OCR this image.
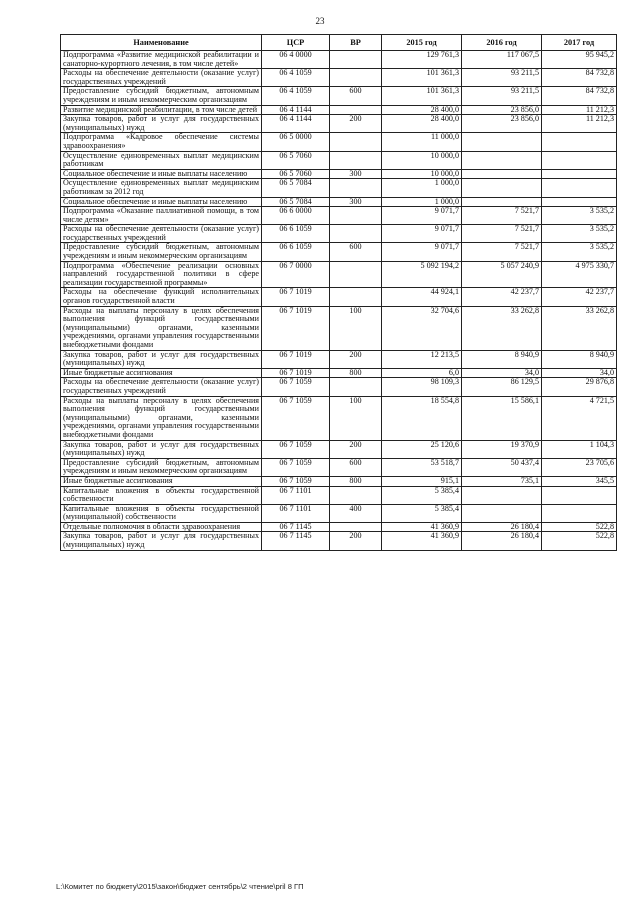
23
Наименование	ЦСР	ВР	2015 год	2016 год	2017 год
Подпрограмма «Развитие медицинской реабилитации и санаторно-курортного лечения, в том числе детей»	06 4 0000		129 761,3	117 067,5	95 945,2
Расходы на обеспечение деятельности (оказание услуг) государственных учреждений	06 4 1059		101 361,3	93 211,5	84 732,8
Предоставление субсидий бюджетным, автономным учреждениям и иным некоммерческим организациям	06 4 1059	600	101 361,3	93 211,5	84 732,8
Развитие медицинской реабилитации, в том числе детей	06 4 1144		28 400,0	23 856,0	11 212,3
Закупка товаров, работ и услуг для государственных (муниципальных) нужд	06 4 1144	200	28 400,0	23 856,0	11 212,3
Подпрограмма «Кадровое обеспечение системы здравоохранения»	06 5 0000		11 000,0		
Осуществление единовременных выплат медицинским работникам	06 5 7060		10 000,0		
Социальное обеспечение и иные выплаты населению	06 5 7060	300	10 000,0		
Осуществление единовременных выплат медицинским работникам за 2012 год	06 5 7084		1 000,0		
Социальное обеспечение и иные выплаты населению	06 5 7084	300	1 000,0		
Подпрограмма «Оказание паллиативной помощи, в том числе детям»	06 6 0000		9 071,7	7 521,7	3 535,2
Расходы на обеспечение деятельности (оказание услуг) государственных учреждений	06 6 1059		9 071,7	7 521,7	3 535,2
Предоставление субсидий бюджетным, автономным учреждениям и иным некоммерческим организациям	06 6 1059	600	9 071,7	7 521,7	3 535,2
Подпрограмма «Обеспечение реализации основных направлений государственной политики в сфере реализации государственной программы»	06 7 0000		5 092 194,2	5 057 240,9	4 975 330,7
Расходы на обеспечение функций исполнительных органов государственной власти	06 7 1019		44 924,1	42 237,7	42 237,7
Расходы на выплаты персоналу в целях обеспечения выполнения функций государственными (муниципальными) органами, казенными учреждениями, органами управления государственными внебюджетными фондами	06 7 1019	100	32 704,6	33 262,8	33 262,8
Закупка товаров, работ и услуг для государственных (муниципальных) нужд	06 7 1019	200	12 213,5	8 940,9	8 940,9
Иные бюджетные ассигнования	06 7 1019	800	6,0	34,0	34,0
Расходы на обеспечение деятельности (оказание услуг) государственных учреждений	06 7 1059		98 109,3	86 129,5	29 876,8
Расходы на выплаты персоналу в целях обеспечения выполнения функций государственными (муниципальными) органами, казенными учреждениями, органами управления государственными внебюджетными фондами	06 7 1059	100	18 554,8	15 586,1	4 721,5
Закупка товаров, работ и услуг для государственных (муниципальных) нужд	06 7 1059	200	25 120,6	19 370,9	1 104,3
Предоставление субсидий бюджетным, автономным учреждениям и иным некоммерческим организациям	06 7 1059	600	53 518,7	50 437,4	23 705,6
Иные бюджетные ассигнования	06 7 1059	800	915,1	735,1	345,5
Капитальные вложения в объекты государственной собственности	06 7 1101		5 385,4		
Капитальные вложения в объекты государственной (муниципальной) собственности	06 7 1101	400	5 385,4		
Отдельные полномочия в области здравоохранения	06 7 1145		41 360,9	26 180,4	522,8
Закупка товаров, работ и услуг для государственных (муниципальных) нужд	06 7 1145	200	41 360,9	26 180,4	522,8
L:\Комитет по бюджету\2015\закон\бюджет сентябрь\2 чтение\pril 8 ГП
